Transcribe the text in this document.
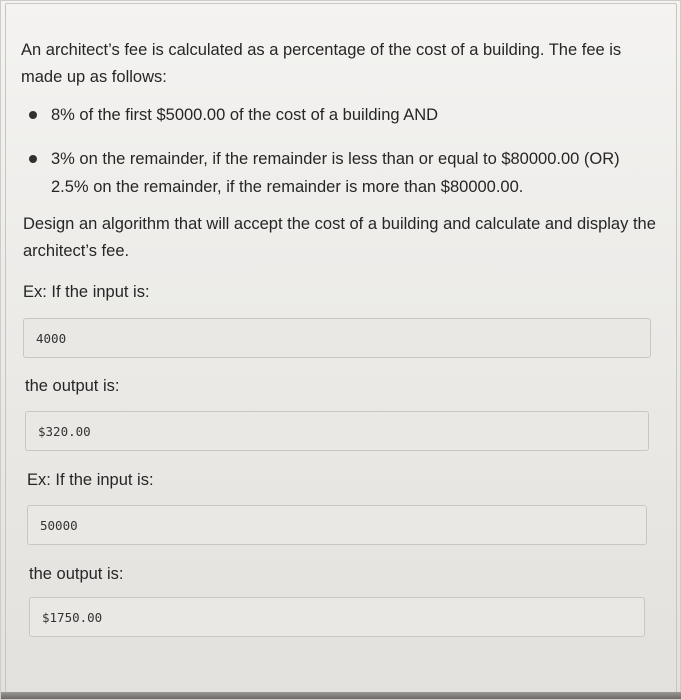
An architect’s fee is calculated as a percentage of the cost of a building. The fee is made up as follows:

8% of the first $5000.00 of the cost of a building AND
3% on the remainder, if the remainder is less than or equal to $80000.00 (OR)
2.5% on the remainder, if the remainder is more than $80000.00.

Design an algorithm that will accept the cost of a building and calculate and display the architect’s fee.

Ex: If the input is:

4000

the output is:

$320.00

Ex: If the input is:

50000

the output is:

$1750.00
